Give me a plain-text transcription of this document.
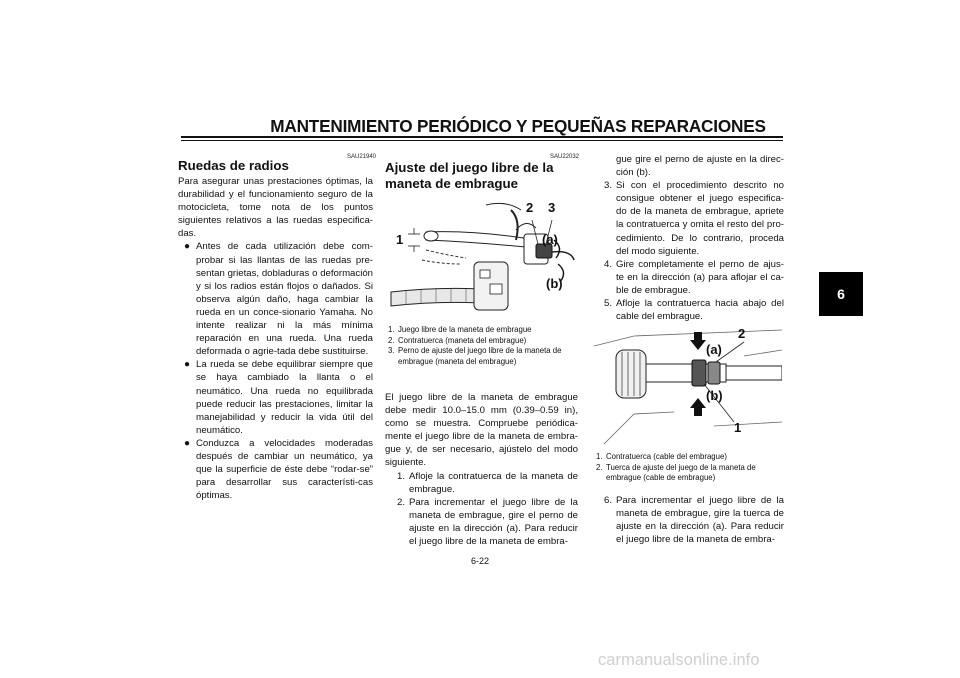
MANTENIMIENTO PERIÓDICO Y PEQUEÑAS REPARACIONES
6
SAU21940
Ruedas de radios

Para asegurar unas prestaciones óptimas, la durabilidad y el funcionamiento seguro de la motocicleta, tome nota de los puntos siguientes relativos a las ruedas especifica-das.

● Antes de cada utilización debe com-probar si las llantas de las ruedas pre-sentan grietas, dobladuras o deformación y si los radios están flojos o dañados. Si observa algún daño, haga cambiar la rueda en un conce-sionario Yamaha. No intente realizar ni la más mínima reparación en una rueda. Una rueda deformada o agrie-tada debe sustituirse.
● La rueda se debe equilibrar siempre que se haya cambiado la llanta o el neumático. Una rueda no equilibrada puede reducir las prestaciones, limitar la manejabilidad y reducir la vida útil del neumático.
● Conduzca a velocidades moderadas después de cambiar un neumático, ya que la superficie de éste debe “rodar-se” para desarrollar sus característi-cas óptimas.
SAU22032
Ajuste del juego libre de la maneta de embrague
1
2 3
(a)
(b)
1. Juego libre de la maneta de embrague
2. Contratuerca (maneta del embrague)
3. Perno de ajuste del juego libre de la maneta de embrague (maneta del embrague)

El juego libre de la maneta de embrague debe medir 10.0–15.0 mm (0.39–0.59 in), como se muestra. Compruebe periódica-mente el juego libre de la maneta de embra-gue y, de ser necesario, ajústelo del modo siguiente.

1. Afloje la contratuerca de la maneta de embrague.
2. Para incrementar el juego libre de la maneta de embrague, gire el perno de ajuste en la dirección (a). Para reducir el juego libre de la maneta de embra-
gue gire el perno de ajuste en la direc-ción (b).
3. Si con el procedimiento descrito no consigue obtener el juego especifica-do de la maneta de embrague, apriete la contratuerca y omita el resto del pro-cedimiento. De lo contrario, proceda del modo siguiente.
4. Gire completamente el perno de ajus-te en la dirección (a) para aflojar el ca-ble de embrague.
5. Afloje la contratuerca hacia abajo del cable del embrague.
2
(a)
(b)
1
1. Contratuerca (cable del embrague)
2. Tuerca de ajuste del juego de la maneta de embrague (cable de embrague)
6. Para incrementar el juego libre de la maneta de embrague, gire la tuerca de ajuste en la dirección (a). Para reducir el juego libre de la maneta de embra-
6-22
carmanualsonline.info
